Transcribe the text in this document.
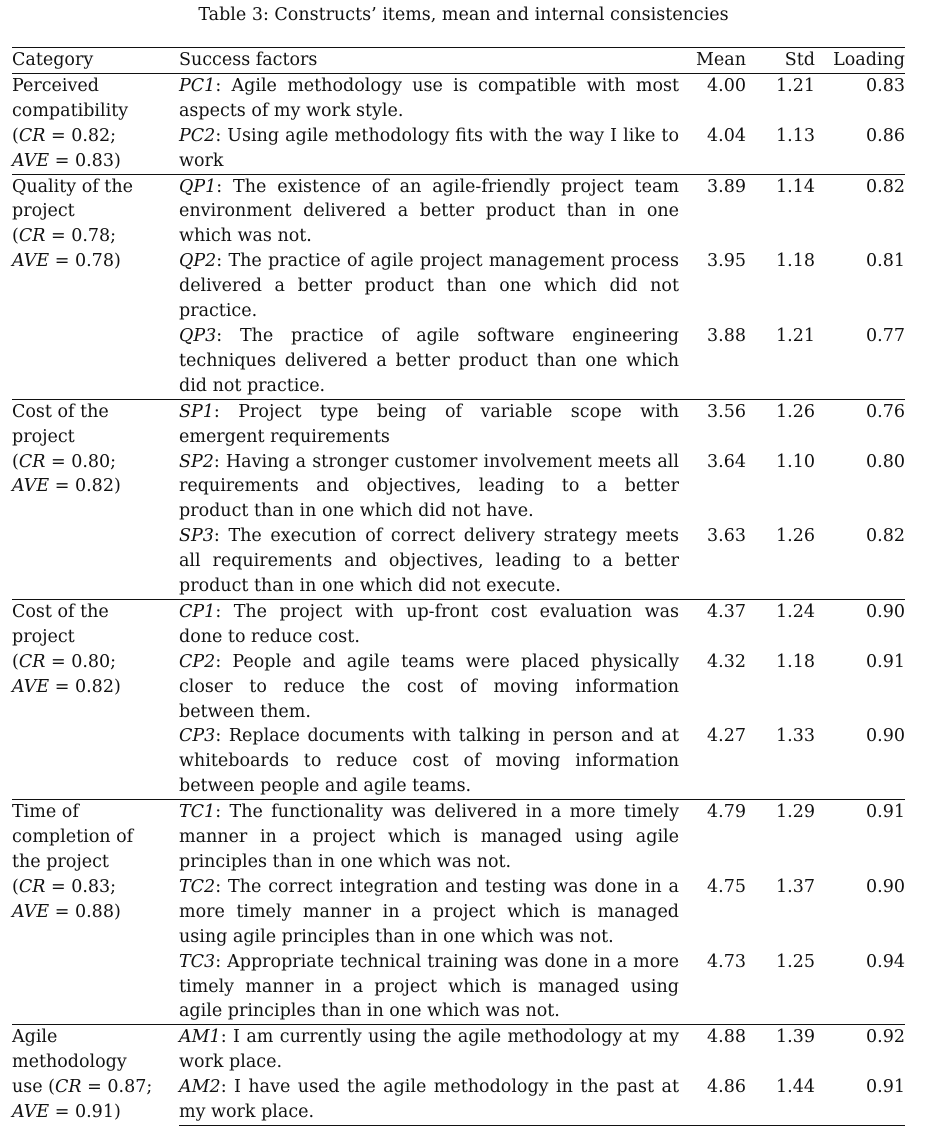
Table 3: Constructs’ items, mean and internal consistencies
Category	Success factors	Mean	Std	Loading

Perceived
compatibility
(CR = 0.82;
AVE = 0.83)	PC1: Agile methodology use is compatible with most aspects of my work style.	4.00	1.21	0.83
	PC2: Using agile methodology fits with the way I like to work	4.04	1.13	0.86

Quality of the
project
(CR = 0.78;
AVE = 0.78)	QP1: The existence of an agile-friendly project team environment delivered a better product than in one which was not.	3.89	1.14	0.82
	QP2: The practice of agile project management process delivered a better product than one which did not practice.	3.95	1.18	0.81
	QP3: The practice of agile software engineering techniques delivered a better product than one which did not practice.	3.88	1.21	0.77

Cost of the
project
(CR = 0.80;
AVE = 0.82)	SP1: Project type being of variable scope with emergent requirements	3.56	1.26	0.76
	SP2: Having a stronger customer involvement meets all requirements and objectives, leading to a better product than in one which did not have.	3.64	1.10	0.80
	SP3: The execution of correct delivery strategy meets all requirements and objectives, leading to a better product than in one which did not execute.	3.63	1.26	0.82

Cost of the
project
(CR = 0.80;
AVE = 0.82)	CP1: The project with up-front cost evaluation was done to reduce cost.	4.37	1.24	0.90
	CP2: People and agile teams were placed physically closer to reduce the cost of moving information between them.	4.32	1.18	0.91
	CP3: Replace documents with talking in person and at whiteboards to reduce cost of moving information between people and agile teams.	4.27	1.33	0.90

Time of
completion of
the project
(CR = 0.83;
AVE = 0.88)	TC1: The functionality was delivered in a more timely manner in a project which is managed using agile principles than in one which was not.	4.79	1.29	0.91
	TC2: The correct integration and testing was done in a more timely manner in a project which is managed using agile principles than in one which was not.	4.75	1.37	0.90
	TC3: Appropriate technical training was done in a more timely manner in a project which is managed using agile principles than in one which was not.	4.73	1.25	0.94

Agile
methodology
use (CR = 0.87;
AVE = 0.91)	AM1: I am currently using the agile methodology at my work place.	4.88	1.39	0.92
	AM2: I have used the agile methodology in the past at my work place.	4.86	1.44	0.91
